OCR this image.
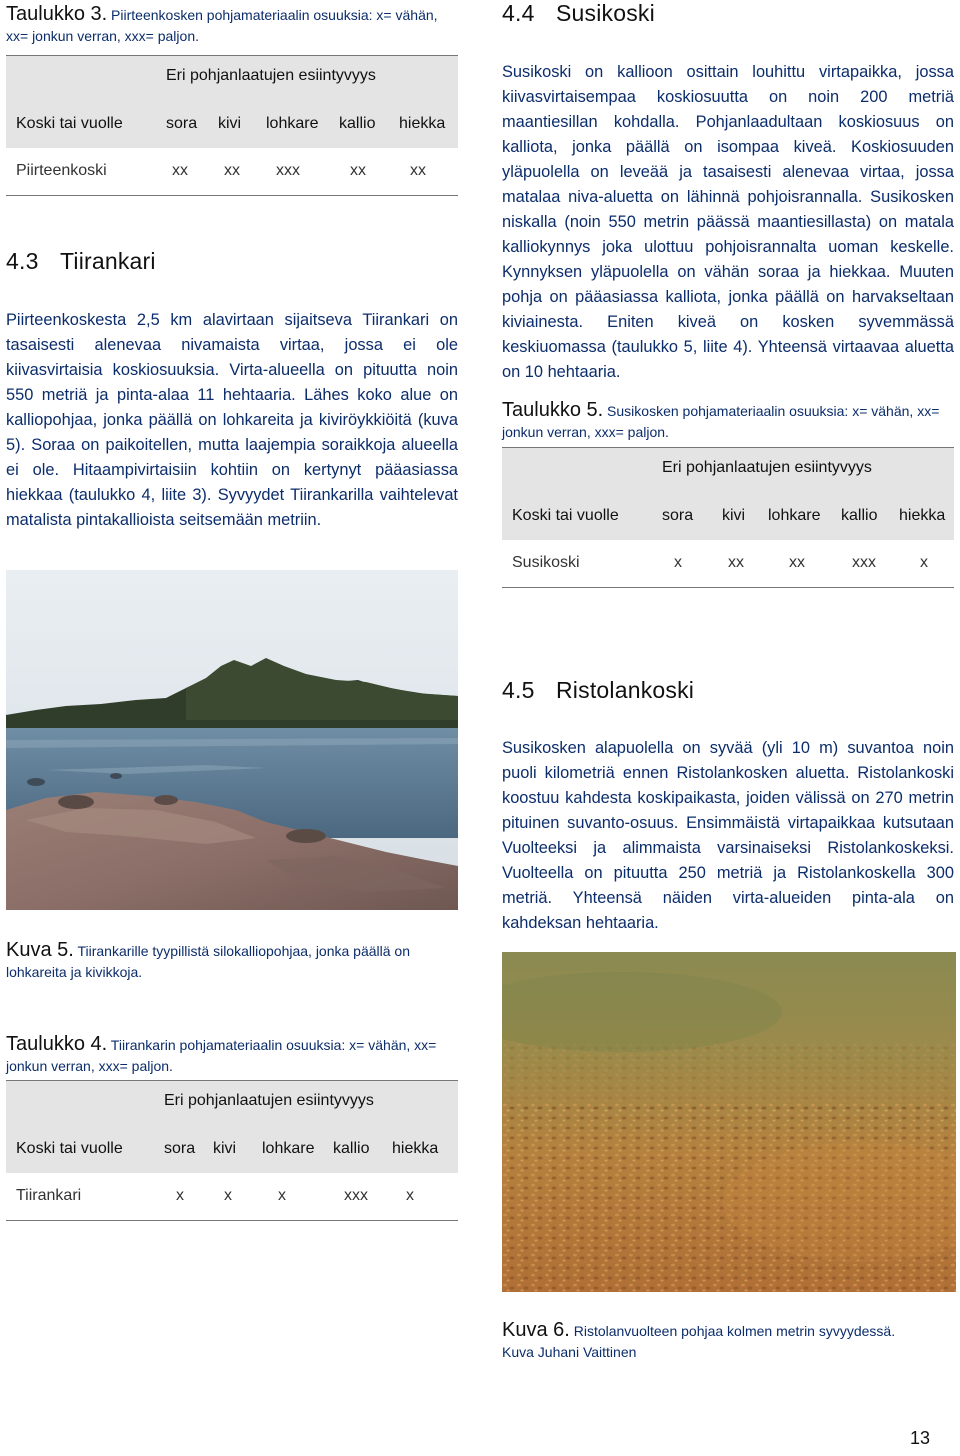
Taulukko 3. Piirteenkosken pohjamateriaalin osuuksia: x= vähän, xx= jonkun verran, xxx= paljon.
Eri pohjanlaatujen esiintyvyys
Koski tai vuolle	sora kivi lohkare kallio hiekka
Piirteenkoski	xx xx xxx	xx	xx
4.3 Tiirankari

Piirteenkoskesta 2,5 km alavirtaan sijaitseva Tiirankari on tasaisesti alenevaa nivamaista virtaa, jossa ei ole kiivasvirtaisia koskiosuuksia. Virta-alueella on pituutta noin 550 metriä ja pinta-alaa 11 hehtaaria. Lähes koko alue on kalliopohjaa, jonka päällä on lohkareita ja kiviröykkiöitä (kuva 5). Soraa on paikoitellen, mutta laajempia soraikkoja alueella ei ole. Hitaampivirtaisiin kohtiin on kertynyt pääasiassa hiekkaa (taulukko 4, liite 3). Syvyydet Tiirankarilla vaihtelevat matalista pintakallioista seitsemään metriin.

Kuva 5. Tiirankarille tyypillistä silokalliopohjaa, jonka päällä on lohkareita ja kivikkoja.
Taulukko 4. Tiirankarin pohjamateriaalin osuuksia: x= vähän, xx= jonkun verran, xxx= paljon.
Eri pohjanlaatujen esiintyvyys
Koski tai vuolle	sora kivi lohkare kallio hiekka
Tiirankari	x	x	x	xxx x
4.4 Susikoski

Susikoski on kallioon osittain louhittu virtapaikka, jossa kiivasvirtaisempaa koskiosuutta on noin 200 metriä maantiesillan kohdalla. Pohjanlaadultaan koskiosuus on kalliota, jonka päällä on isompaa kiveä. Koskiosuuden yläpuolella on leveää ja tasaisesti alenevaa virtaa, jossa matalaa niva-aluetta on lähinnä pohjoisrannalla. Susikosken niskalla (noin 550 metrin päässä maantiesillasta) on matala kalliokynnys joka ulottuu pohjoisrannalta uoman keskelle. Kynnyksen yläpuolella on vähän soraa ja hiekkaa. Muuten pohja on pääasiassa kalliota, jonka päällä on harvakseltaan kiviainesta. Eniten kiveä on kosken syvemmässä keskiuomassa (taulukko 5, liite 4). Yhteensä virtaavaa aluetta on 10 hehtaaria.

Taulukko 5. Susikosken pohjamateriaalin osuuksia: x= vähän, xx= jonkun verran, xxx= paljon.
Eri pohjanlaatujen esiintyvyys
Koski tai vuolle	sora kivi lohkare kallio hiekka
Susikoski	x	xx	xx	xxx	x
4.5 Ristolankoski

Susikosken alapuolella on syvää (yli 10 m) suvantoa noin puoli kilometriä ennen Ristolankosken aluetta. Ristolankoski koostuu kahdesta koskipaikasta, joiden välissä on 270 metrin pituinen suvanto-osuus. Ensimmäistä virtapaikkaa kutsutaan Vuolteeksi ja alimmaista varsinaiseksi Ristolankoskeksi. Vuolteella on pituutta 250 metriä ja Ristolankoskella 300 metriä. Yhteensä näiden virta-alueiden pinta-ala on kahdeksan hehtaaria.

Kuva 6. Ristolanvuolteen pohjaa kolmen metrin syvyydessä.
Kuva Juhani Vaittinen
13
